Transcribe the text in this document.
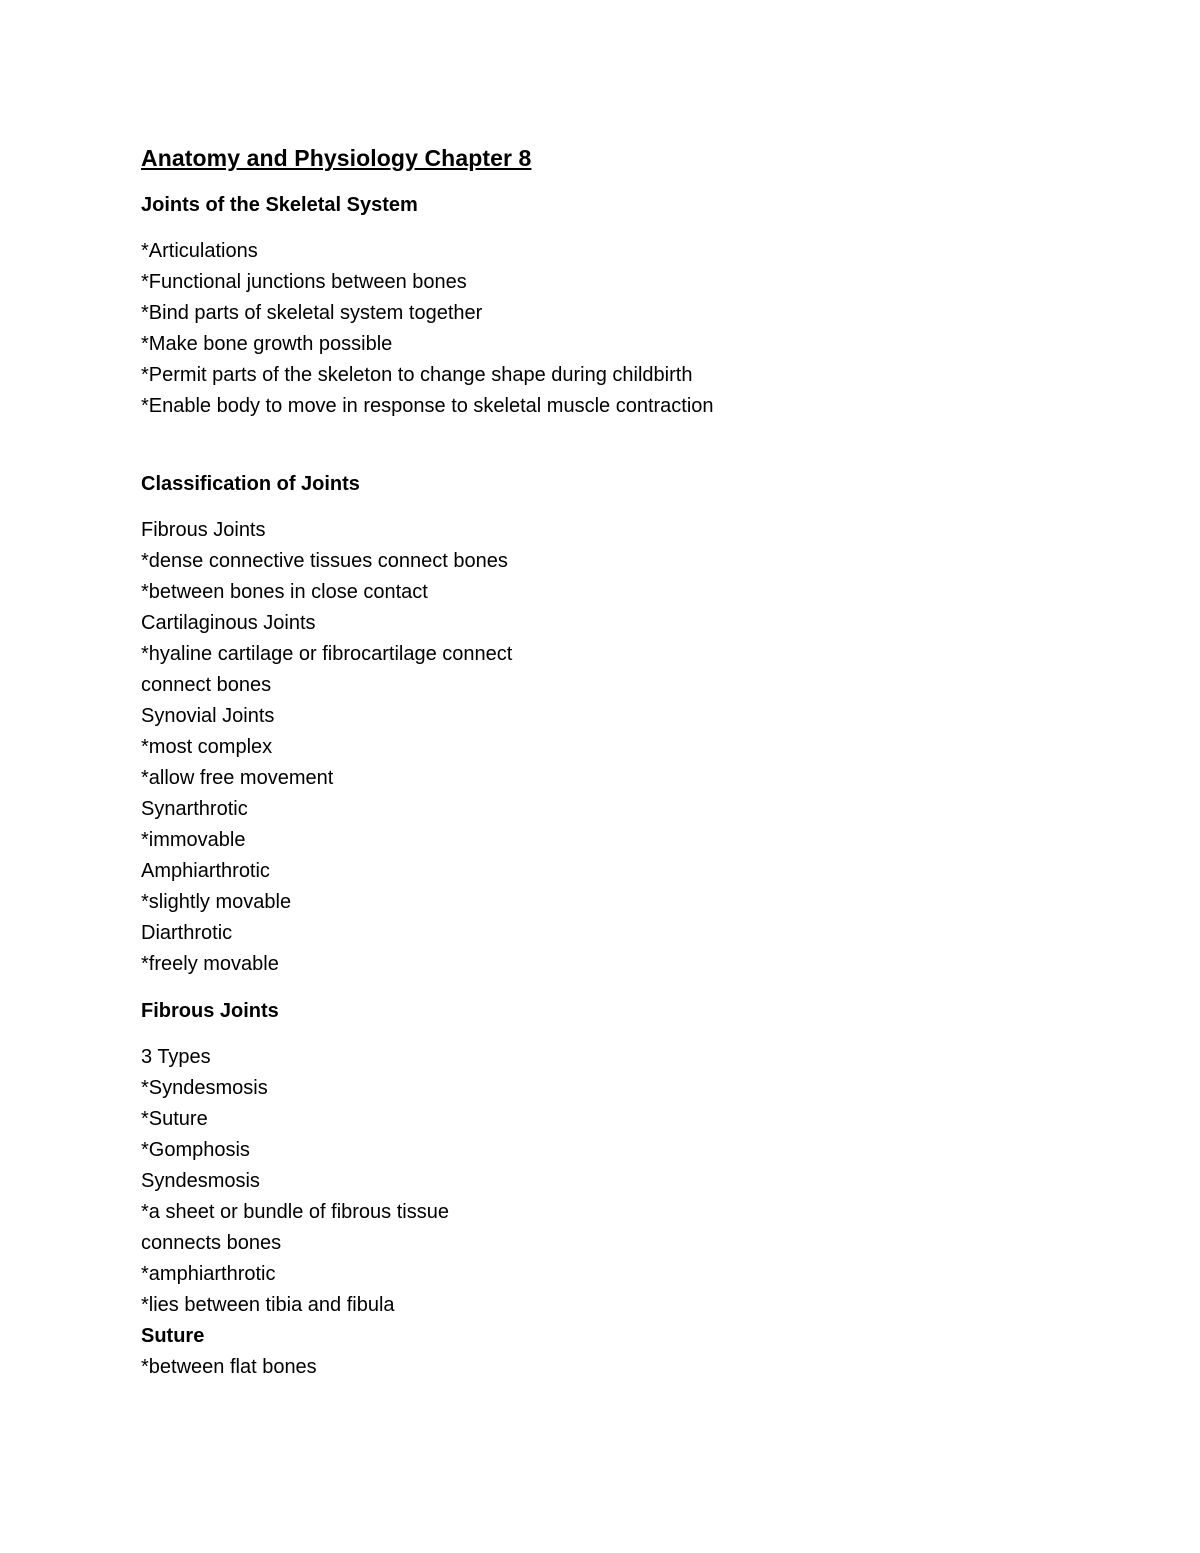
Anatomy and Physiology Chapter 8
Joints of the Skeletal System
*Articulations
*Functional junctions between bones
*Bind parts of skeletal system together
*Make bone growth possible
*Permit parts of the skeleton to change shape during childbirth
*Enable body to move in response to skeletal muscle contraction
Classification of Joints
Fibrous Joints
*dense connective tissues connect bones
*between bones in close contact
Cartilaginous Joints
*hyaline cartilage or fibrocartilage connect
connect bones
Synovial Joints
*most complex
*allow free movement
Synarthrotic
*immovable
Amphiarthrotic
*slightly movable
Diarthrotic
*freely movable
Fibrous Joints
3 Types
*Syndesmosis
*Suture
*Gomphosis
Syndesmosis
*a sheet or bundle of fibrous tissue
connects bones
*amphiarthrotic
*lies between tibia and fibula
Suture
*between flat bones
